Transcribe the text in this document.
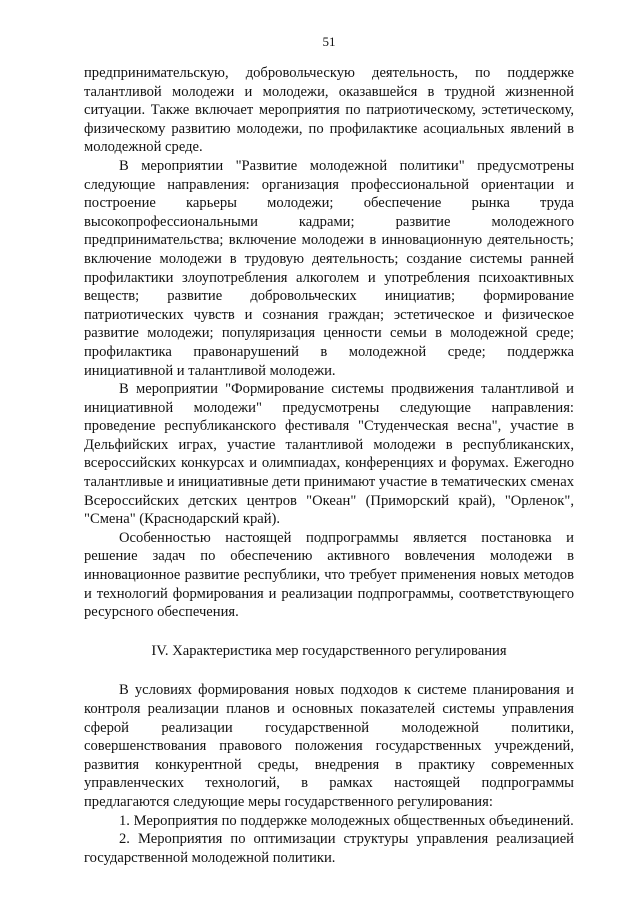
51

предпринимательскую, добровольческую деятельность, по поддержке талантливой молодежи и молодежи, оказавшейся в трудной жизненной ситуации. Также включает мероприятия по патриотическому, эстетическому, физическому развитию молодежи, по профилактике асоциальных явлений в молодежной среде.

В мероприятии "Развитие молодежной политики" предусмотрены следующие направления: организация профессиональной ориентации и построение карьеры молодежи; обеспечение рынка труда высокопрофессиональными кадрами; развитие молодежного предпринимательства; включение молодежи в инновационную деятельность; включение молодежи в трудовую деятельность; создание системы ранней профилактики злоупотребления алкоголем и употребления психоактивных веществ; развитие добровольческих инициатив; формирование патриотических чувств и сознания граждан; эстетическое и физическое развитие молодежи; популяризация ценности семьи в молодежной среде; профилактика правонарушений в молодежной среде; поддержка инициативной и талантливой молодежи.

В мероприятии "Формирование системы продвижения талантливой и инициативной молодежи" предусмотрены следующие направления: проведение республиканского фестиваля "Студенческая весна", участие в Дельфийских играх, участие талантливой молодежи в республиканских, всероссийских конкурсах и олимпиадах, конференциях и форумах. Ежегодно талантливые и инициативные дети принимают участие в тематических сменах Всероссийских детских центров "Океан" (Приморский край), "Орленок", "Смена" (Краснодарский край).

Особенностью настоящей подпрограммы является постановка и решение задач по обеспечению активного вовлечения молодежи в инновационное развитие республики, что требует применения новых методов и технологий формирования и реализации подпрограммы, соответствующего ресурсного обеспечения.

IV. Характеристика мер государственного регулирования

В условиях формирования новых подходов к системе планирования и контроля реализации планов и основных показателей системы управления сферой реализации государственной молодежной политики, совершенствования правового положения государственных учреждений, развития конкурентной среды, внедрения в практику современных управленческих технологий, в рамках настоящей подпрограммы предлагаются следующие меры государственного регулирования:

1. Мероприятия по поддержке молодежных общественных объединений.

2. Мероприятия по оптимизации структуры управления реализацией государственной молодежной политики.
